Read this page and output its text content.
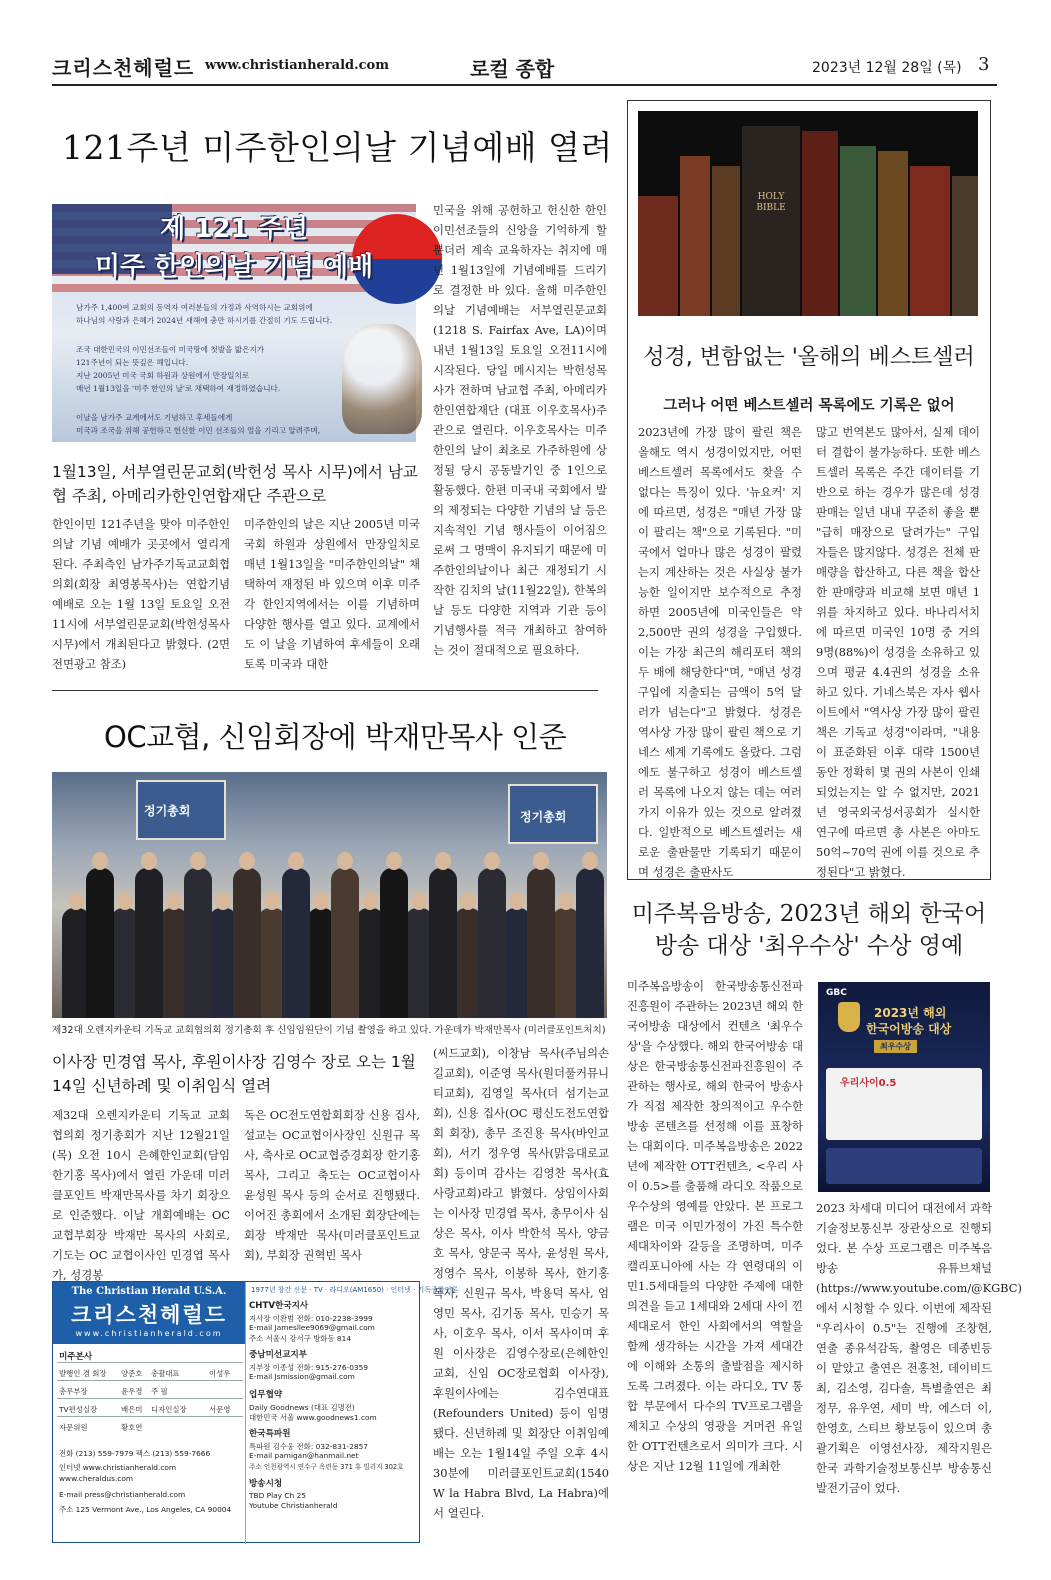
크리스천헤럴드 www.christianherald.com	로컬 종합	2023년 12월 28일 (목) 3
121주년 미주한인의날 기념예배 열려
제 121 주년
미주 한인의날 기념 예배
남가주 1,400여 교회의 동역자 여러분들의 가정과 사역하시는 교회위에
하나님의 사랑과 은혜가 2024년 새해에 충만 하시기를 간절히 기도 드립니다.
조국 대한민국의 이민선조들이 미국땅에 첫발을 밟은지가
121주년이 되는 뜻깊은 해입니다.
지난 2005년 미국 국회 하원과 상원에서 만장일치로
매년 1월13일을 '미주 한인의 날'로 채택하여 재정하였습니다.
이날을 남가주 교계에서도 기념하고 후세들에게
미국과 조국을 위해 공헌하고 헌신한 이민 선조들의 얼을 기리고 알려주며,
1월13일, 서부열린문교회(박헌성 목사 시무)에서 남교협 주최, 아메리카한인연합재단 주관으로
한인이민 121주년을 맞아 미주한인의날 기념 예배가 곳곳에서 열리게 된다. 주최측인 남가주기독교교회협의회(회장 최영봉목사)는 연합기념예배로 오는 1월 13일 토요일 오전11시에 서부열린문교회(박헌성목사 시무)에서 개최된다고 밝혔다. (2면 전면광고 참조)
미주한인의 날은 지난 2005년 미국 국회 하원과 상원에서 만장일치로 매년 1월13일을 "미주한인의날" 채택하여 재정된 바 있으며 이후 미주 각 한인지역에서는 이를 기념하며 다양한 행사를 열고 있다. 교계에서도 이 날을 기념하여 후세들이 오래토록 미국과 대한
민국을 위해 공헌하고 헌신한 한인이민선조들의 신앙을 기억하게 할 뿐더러 계속 교육하자는 취지에 매년 1월13일에 기념예배를 드리기로 결정한 바 있다. 올해 미주한인의날 기념예배는 서부열린문교회(1218 S. Fairfax Ave, LA)이며 내년 1월13일 토요일 오전11시에 시작된다. 당일 메시지는 박헌성목사가 전하며 남교협 주최, 아메리카한인연합재단 (대표 이우호목사)주관으로 열린다. 이우호목사는 미주한인의 날이 최초로 가주하원에 상정될 당시 공동발기인 중 1인으로 활동했다. 한편 미국내 국회에서 발의 제정되는 다양한 기념의 날 등은 지속적인 기념 행사들이 이어짐으로써 그 명맥이 유지되기 때문에 미주한인의날이나 최근 재정되기 시작한 김치의 날(11월22일), 한복의 날 등도 다양한 지역과 기관 등이 기념행사를 적극 개최하고 참여하는 것이 절대적으로 필요하다.
OC교협, 신임회장에 박재만목사 인준
정기총회
정기총회
제32대 오렌지카운티 기독교 교회협의회 정기총회 후 신임임원단이 기념 촬영을 하고 있다. 가운데가 박재만목사 (미러클포인트처치)
이사장 민경엽 목사, 후원이사장 김영수 장로 오는 1월14일 신년하례 및 이취임식 열려
제32대 오렌지카운티 기독교 교회협의회 정기총회가 지난 12월21일(목) 오전 10시 은혜한인교회(담임 한기홍 목사)에서 열린 가운데 미러클포인트 박재만목사를 차기 회장으로 인준했다. 이날 개회예배는 OC 교협부회장 박재만 목사의 사회로, 기도는 OC 교협이사인 민경엽 목사가, 성경봉
독은 OC전도연합회회장 신용 집사, 설교는 OC교협이사장인 신원규 목사, 축사로 OC교협증경회장 한기홍 목사, 그리고 축도는 OC교협이사 윤성원 목사 등의 순서로 진행됐다. 이어진 총회에서 소개된 회장단에는 회장 박재만 목사(미러클포인트교회), 부회장 권혁빈 목사
(씨드교회), 이창남 목사(주님의손길교회), 이준영 목사(원더풀커뮤니티교회), 김영일 목사(더 섬기는교회), 신용 집사(OC 평신도전도연합회 회장), 총무 조진용 목사(바인교회), 서기 정우영 목사(맑음대로교회) 등이며 감사는 김영찬 목사(효사랑교회)라고 밝혔다. 상임이사회는 이사장 민경엽 목사, 총무이사 심상은 목사, 이사 박한석 목사, 양금호 목사, 양문국 목사, 윤성원 목사, 정영수 목사, 이봉하 목사, 한기홍 목사, 신원규 목사, 박용덕 목사, 엄영민 목사, 김기동 목사, 민승기 목사, 이호우 목사, 이서 목사이며 후원 이사장은 김영수장로(은혜한인교회, 신임 OC장로협회 이사장), 후원이사에는 김수연대표(Refounders United) 등이 임명됐다. 신년하례 및 회장단 이취임예배는 오는 1월14일 주일 오후 4시30분에 미러클포인트교회(1540 W la Habra Blvd, La Habra)에서 열린다.
The Christian Herald U.S.A.
크리스천헤럴드
www.christianherald.com
1977년 창간 신문 · TV · 라디오(AM1650) · 인터넷 · 기독종합언론
미주본사
발행인 겸 회장 양준호 총괄대표	이성우
총무부장	윤우경 주 필
TV편성실장	배은미 디자인실장	서문영
자문위원	황호연
전화 (213) 559-7979 팩스 (213) 559-7666
인터넷 www.christianherald.com
www.cheraldus.com
E-mail press@christianherald.com
주소 125 Vermont Ave., Los Angeles, CA 90004
CHTV한국지사
지사장 이완범 전화: 010-2238-3999
E-mail Jamesllee9069@gmail.com
주소 서울시 강서구 방화동 814
중남미선교지부
지부장 이종성 전화: 915-276-0359
E-mail Jsmission@gmail.com
업무협약
Daily Goodnews (대표 김명전)
대한민국 서울 www.goodnews1.com
한국특파원
특파원 김수웅 전화: 032-831-2857
E-mail pamigan@hanmail.net
주소 인천광역시 연수구 옥련동 371 휴 빌리지 302호
방송시청
TBD Play Ch 25
Youtube Christianherald
HOLY BIBLE
성경, 변함없는 '올해의 베스트셀러
그러나 어떤 베스트셀러 목록에도 기록은 없어
2023년에 가장 많이 팔린 책은 올해도 역시 성경이었지만, 어떤 베스트셀러 목록에서도 찾을 수 없다는 특징이 있다. '뉴요커' 지에 따르면, 성경은 "매년 가장 많이 팔리는 책"으로 기록된다. "미국에서 얼마나 많은 성경이 팔렸는지 계산하는 것은 사실상 불가능한 일이지만 보수적으로 추정하면 2005년에 미국인들은 약 2,500만 권의 성경을 구입했다. 이는 가장 최근의 해리포터 책의 두 배에 해당한다"며, "매년 성경 구입에 지출되는 금액이 5억 달러가 넘는다"고 밝혔다. 성경은 역사상 가장 많이 팔린 책으로 기네스 세계 기록에도 올랐다. 그럼에도 불구하고 성경이 베스트셀러 목록에 나오지 않는 데는 여러 가지 이유가 있는 것으로 알려졌다. 일반적으로 베스트셀러는 새로운 출판물만 기록되기 때문이며 성경은 출판사도
많고 번역본도 많아서, 실제 데이터 결합이 불가능하다. 또한 베스트셀러 목록은 주간 데이터를 기반으로 하는 경우가 많은데 성경 판매는 일년 내내 꾸준히 좋을 뿐 "급히 매장으로 달려가는" 구입자들은 많지않다. 성경은 전체 판매량을 합산하고, 다른 책을 합산한 판매량과 비교해 보면 매년 1위를 차지하고 있다. 바나리서치에 따르면 미국인 10명 중 거의 9명(88%)이 성경을 소유하고 있으며 평균 4.4권의 성경을 소유하고 있다. 기네스북은 자사 웹사이트에서 "역사상 가장 많이 팔린 책은 기독교 성경"이라며, "내용이 표준화된 이후 대략 1500년 동안 정확히 몇 권의 사본이 인쇄되었는지는 알 수 없지만, 2021년 영국외국성서공회가 실시한 연구에 따르면 총 사본은 아마도 50억~70억 권에 이를 것으로 추정된다"고 밝혔다.
미주복음방송, 2023년 해외 한국어
방송 대상 '최우수상' 수상 영예
미주복음방송이 한국방송통신전파진흥원이 주관하는 2023년 해외 한국어방송 대상에서 컨텐츠 '최우수상'을 수상했다. 해외 한국어방송 대상은 한국방송통신전파진흥원이 주관하는 행사로, 해외 한국어 방송사가 직접 제작한 창의적이고 우수한 방송 콘텐츠를 선정해 이를 표창하는 대회이다. 미주복음방송은 2022년에 제작한 OTT컨텐츠, <우리 사이 0.5>를 출품해 라디오 작품으로 우수상의 영예를 안았다. 본 프로그램은 미국 이민가정이 가진 특수한 세대차이와 갈등을 조명하며, 미주 캘리포니아에 사는 각 연령대의 이민1.5세대들의 다양한 주제에 대한 의견을 듣고 1세대와 2세대 사이 낀 세대로서 한인 사회에서의 역할을 함께 생각하는 시간을 가져 세대간 에 이해와 소통의 출발점을 제시하도록 그려졌다. 이는 라디오, TV 통합 부문에서 다수의 TV프로그램을 제치고 수상의 영광을 거머쥔 유일한 OTT컨텐츠로서 의미가 크다. 시상은 지난 12월 11일에 개최한
GBC
2023년 해외
한국어방송 대상
최우수상
우리사이0.5
2023 차세대 미디어 대전에서 과학기술정보통신부 장관상으로 진행되었다. 본 수상 프로그램은 미주복음방송 유튜브채널(https://www.youtube.com/@KGBC)에서 시청할 수 있다. 이번에 제작된 "우리사이 0.5"는 진행에 조창현, 연출 종유석감독, 촬영은 데종빈등 이 맡았고 출연은 전홍천, 데이비드 최, 김소영, 김다솔, 특별출연은 최정무, 유우연, 세미 박, 에스더 이, 한영호, 스티브 황보등이 있으며 총괄기획은 이영선사장, 제작지원은 한국 과학기술정보통신부 방송통신발전기금이 었다.
